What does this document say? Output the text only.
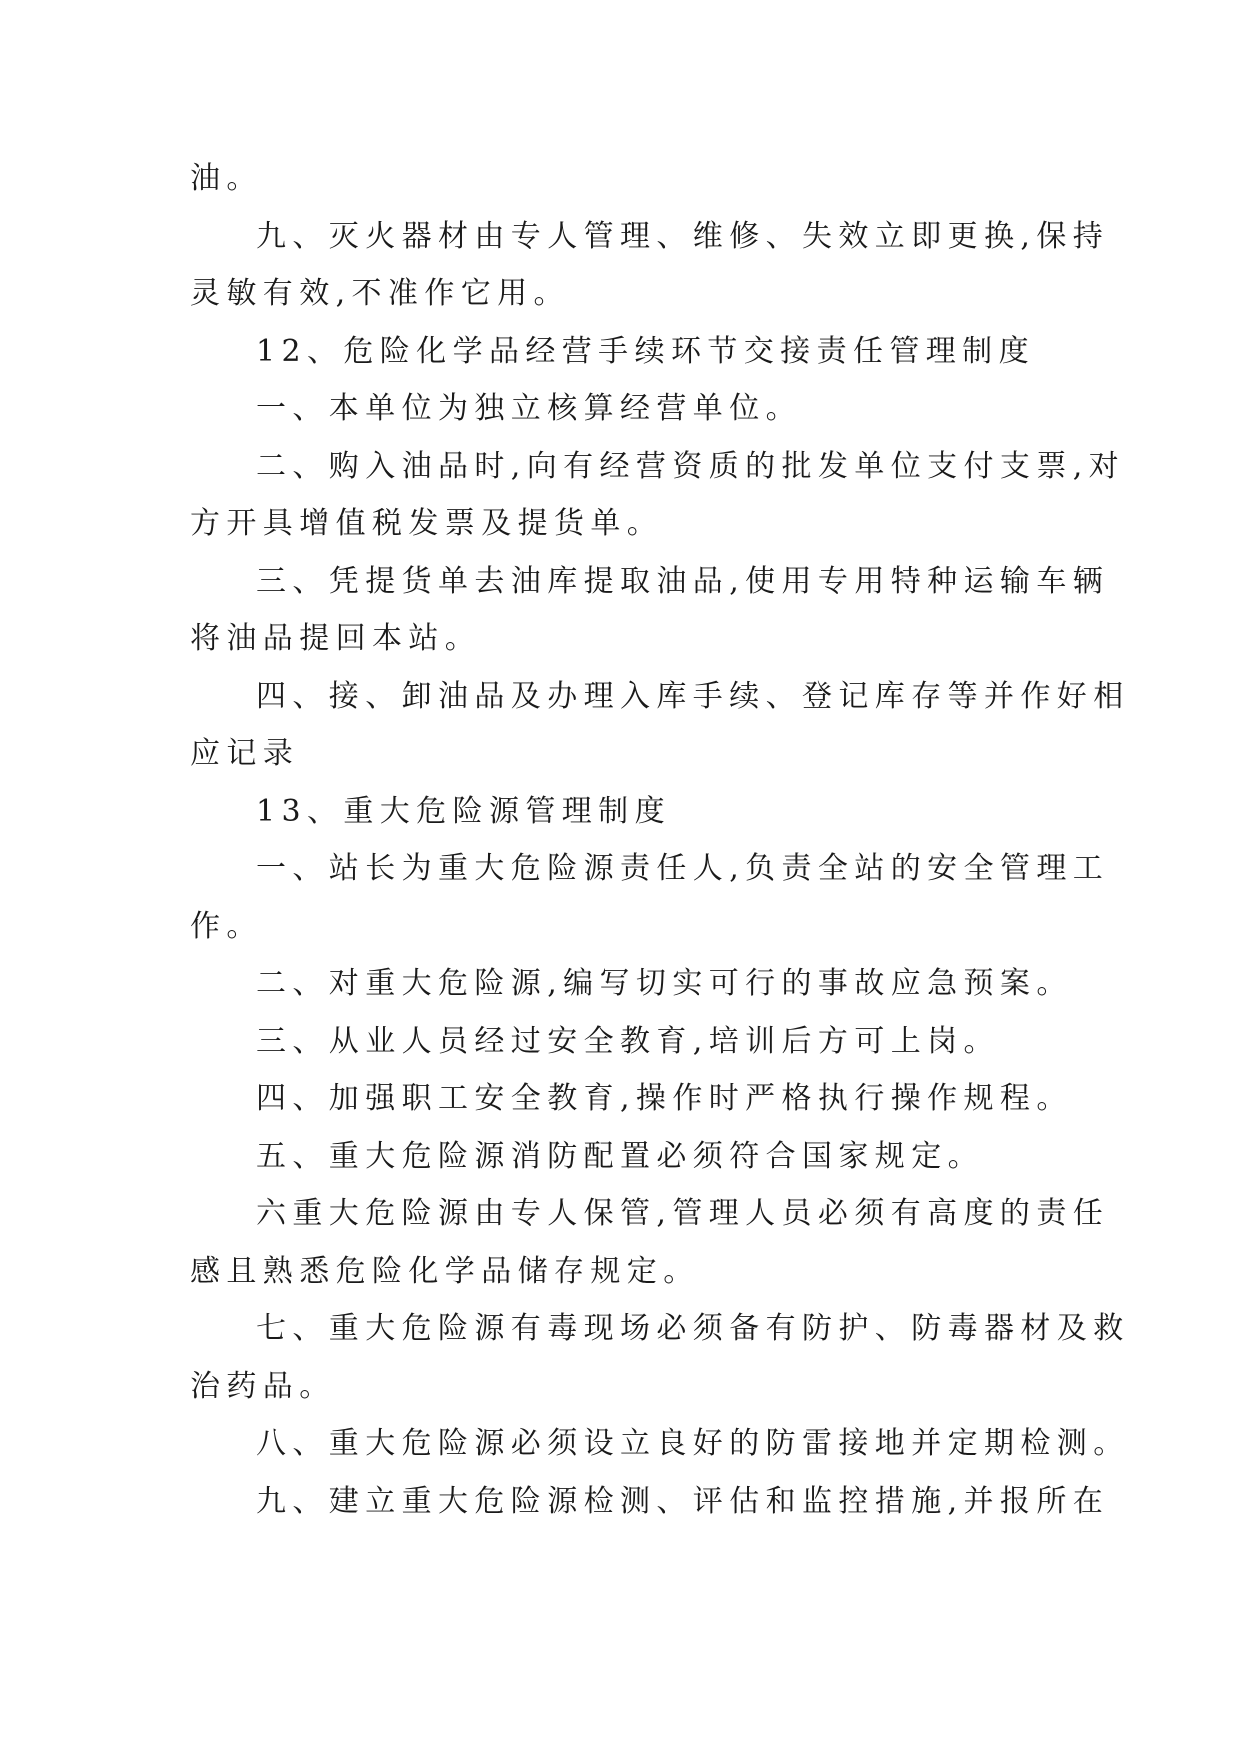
油。
九、灭火器材由专人管理、维修、失效立即更换,保持
灵敏有效,不准作它用。
12、危险化学品经营手续环节交接责任管理制度
一、本单位为独立核算经营单位。
二、购入油品时,向有经营资质的批发单位支付支票,对
方开具增值税发票及提货单。
三、凭提货单去油库提取油品,使用专用特种运输车辆
将油品提回本站。
四、接、卸油品及办理入库手续、登记库存等并作好相
应记录
13、重大危险源管理制度
一、站长为重大危险源责任人,负责全站的安全管理工
作。
二、对重大危险源,编写切实可行的事故应急预案。
三、从业人员经过安全教育,培训后方可上岗。
四、加强职工安全教育,操作时严格执行操作规程。
五、重大危险源消防配置必须符合国家规定。
六重大危险源由专人保管,管理人员必须有高度的责任
感且熟悉危险化学品储存规定。
七、重大危险源有毒现场必须备有防护、防毒器材及救
治药品。
八、重大危险源必须设立良好的防雷接地并定期检测。
九、建立重大危险源检测、评估和监控措施,并报所在
